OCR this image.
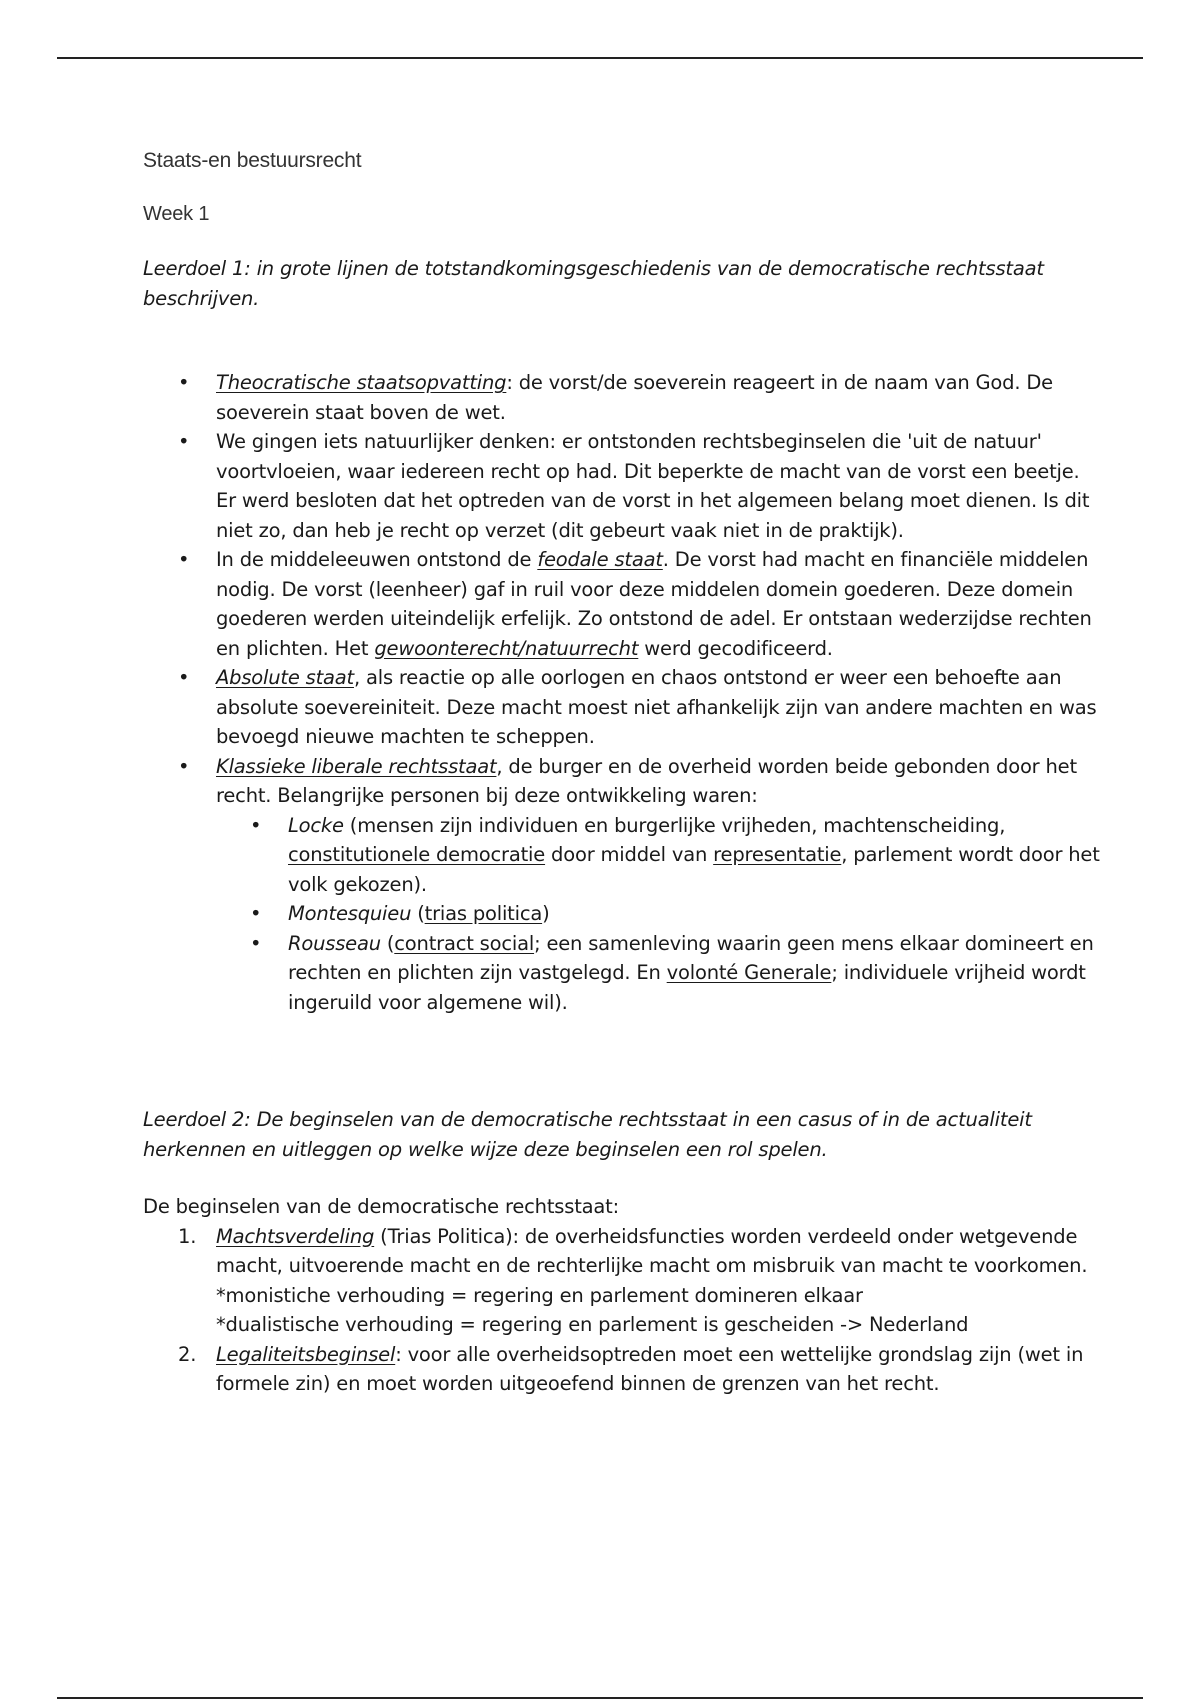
Staats-en bestuursrecht
Week 1

Leerdoel 1: in grote lijnen de totstandkomingsgeschiedenis van de democratische rechtsstaat beschrijven.

• Theocratische staatsopvatting: de vorst/de soeverein reageert in de naam van God. De soeverein staat boven de wet.
• We gingen iets natuurlijker denken: er ontstonden rechtsbeginselen die 'uit de natuur' voortvloeien, waar iedereen recht op had. Dit beperkte de macht van de vorst een beetje. Er werd besloten dat het optreden van de vorst in het algemeen belang moet dienen. Is dit niet zo, dan heb je recht op verzet (dit gebeurt vaak niet in de praktijk).
• In de middeleeuwen ontstond de feodale staat. De vorst had macht en financiële middelen nodig. De vorst (leenheer) gaf in ruil voor deze middelen domein goederen. Deze domein goederen werden uiteindelijk erfelijk. Zo ontstond de adel. Er ontstaan wederzijdse rechten en plichten. Het gewoonterecht/natuurrecht werd gecodificeerd.
• Absolute staat, als reactie op alle oorlogen en chaos ontstond er weer een behoefte aan absolute soevereiniteit. Deze macht moest niet afhankelijk zijn van andere machten en was bevoegd nieuwe machten te scheppen.
• Klassieke liberale rechtsstaat, de burger en de overheid worden beide gebonden door het recht. Belangrijke personen bij deze ontwikkeling waren:
• Locke (mensen zijn individuen en burgerlijke vrijheden, machtenscheiding, constitutionele democratie door middel van representatie, parlement wordt door het volk gekozen).
• Montesquieu (trias politica)
• Rousseau (contract social; een samenleving waarin geen mens elkaar domineert en rechten en plichten zijn vastgelegd. En volonté Generale; individuele vrijheid wordt ingeruild voor algemene wil).

Leerdoel 2: De beginselen van de democratische rechtsstaat in een casus of in de actualiteit herkennen en uitleggen op welke wijze deze beginselen een rol spelen.

De beginselen van de democratische rechtsstaat:

1. Machtsverdeling (Trias Politica): de overheidsfuncties worden verdeeld onder wetgevende macht, uitvoerende macht en de rechterlijke macht om misbruik van macht te voorkomen.
*monistiche verhouding = regering en parlement domineren elkaar
*dualistische verhouding = regering en parlement is gescheiden -> Nederland
2. Legaliteitsbeginsel: voor alle overheidsoptreden moet een wettelijke grondslag zijn (wet in formele zin) en moet worden uitgeoefend binnen de grenzen van het recht.
